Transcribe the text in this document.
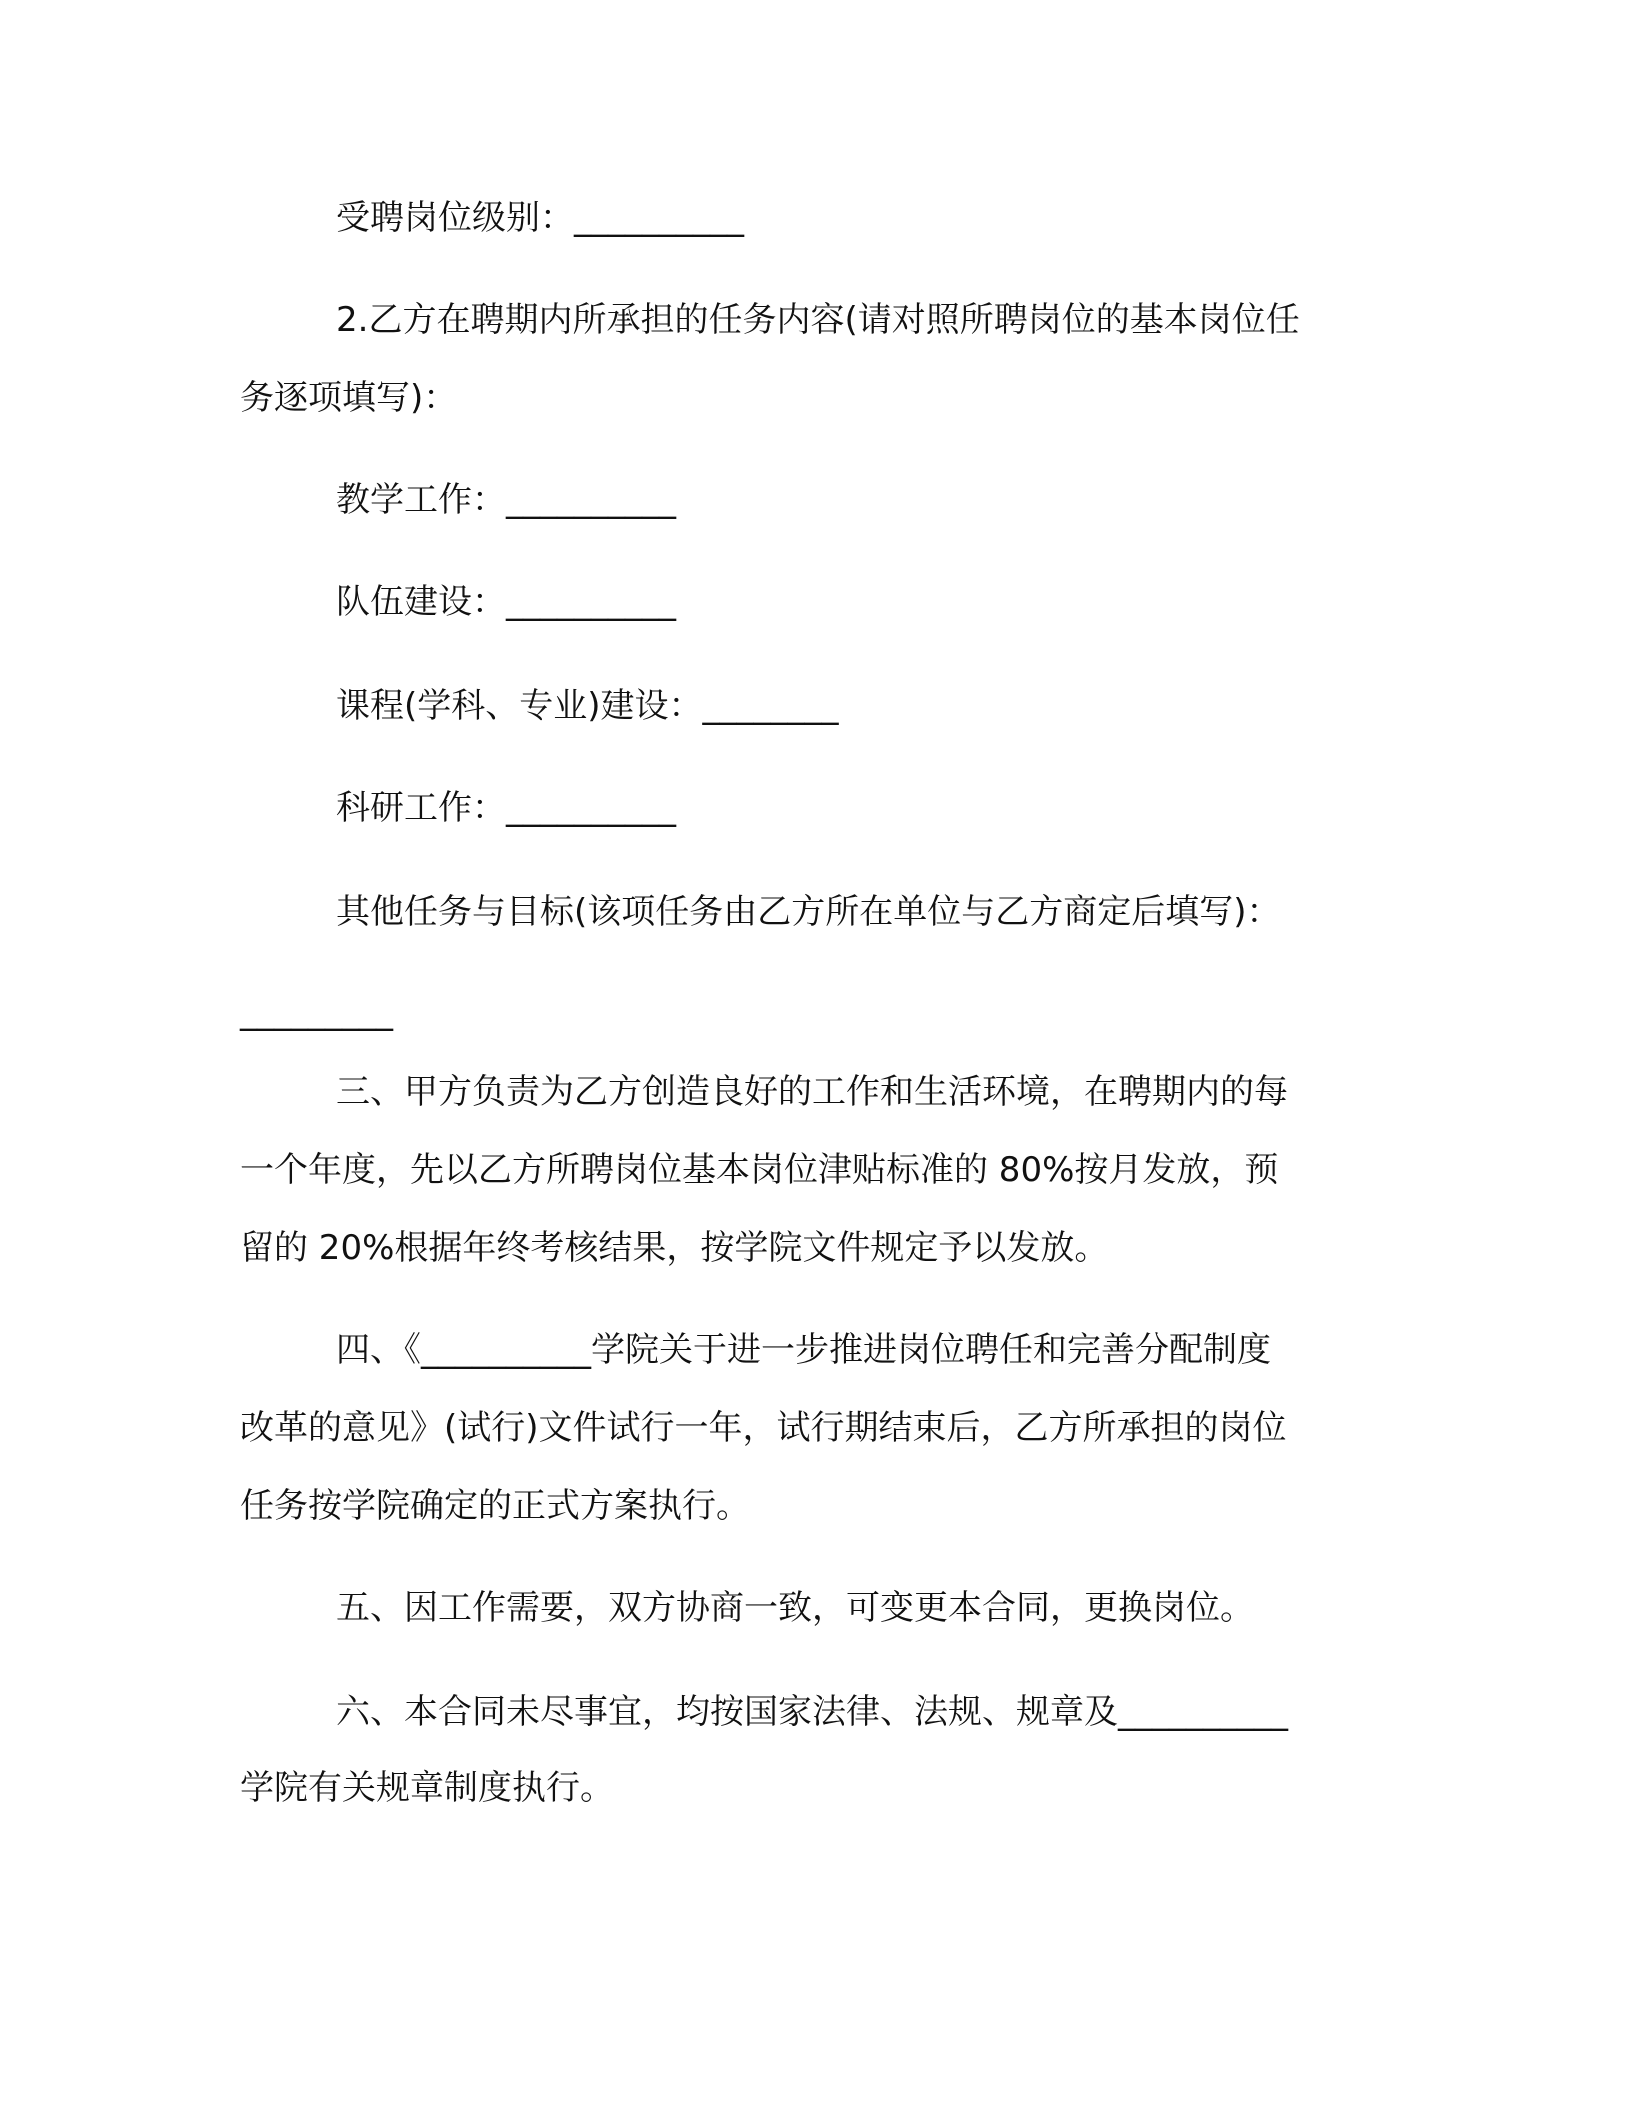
受聘岗位级别：__________
2.乙方在聘期内所承担的任务内容(请对照所聘岗位的基本岗位任
务逐项填写)：
教学工作：__________
队伍建设：__________
课程(学科、专业)建设：________
科研工作：__________
其他任务与目标(该项任务由乙方所在单位与乙方商定后填写)：
_________
三、甲方负责为乙方创造良好的工作和生活环境，在聘期内的每
一个年度，先以乙方所聘岗位基本岗位津贴标准的 80%按月发放，预
留的 20%根据年终考核结果，按学院文件规定予以发放。
四、《__________学院关于进一步推进岗位聘任和完善分配制度
改革的意见》(试行)文件试行一年，试行期结束后，乙方所承担的岗位
任务按学院确定的正式方案执行。
五、因工作需要，双方协商一致，可变更本合同，更换岗位。
六、本合同未尽事宜，均按国家法律、法规、规章及__________
学院有关规章制度执行。
